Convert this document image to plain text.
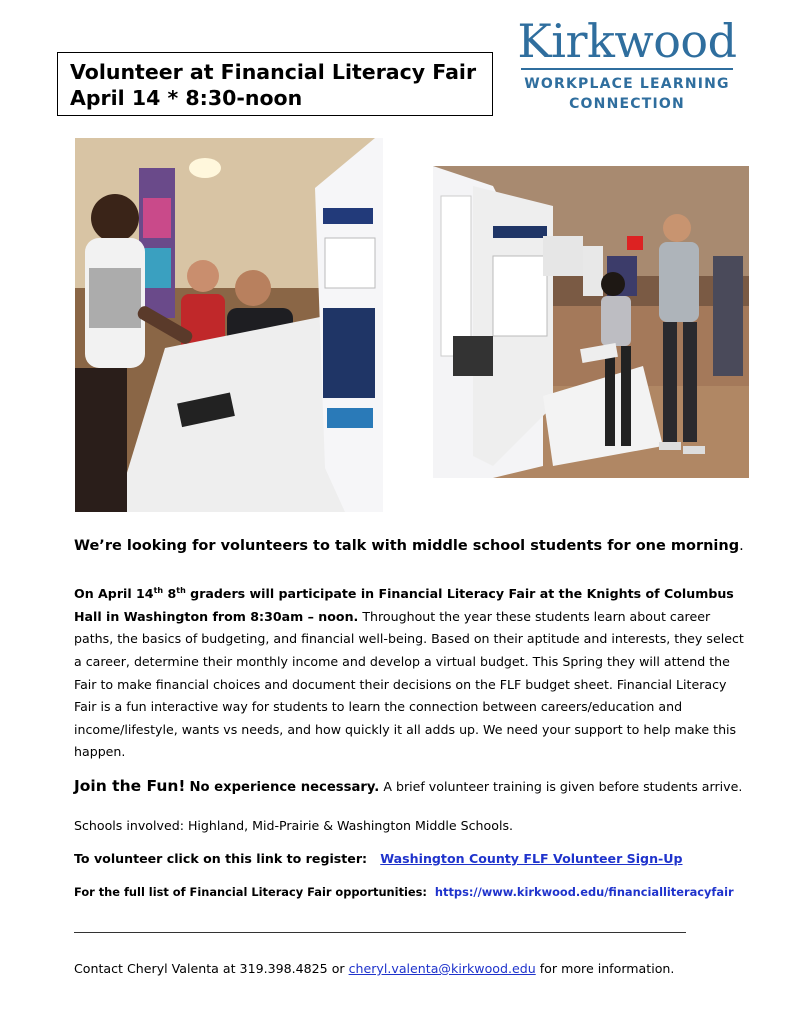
Volunteer at Financial Literacy Fair
April 14 * 8:30-noon
Kirkwood
WORKPLACE LEARNING
CONNECTION
We’re looking for volunteers to talk with middle school students for one morning.
On April 14th 8th graders will participate in Financial Literacy Fair at the Knights of Columbus Hall in Washington from 8:30am – noon. Throughout the year these students learn about career paths, the basics of budgeting, and financial well-being. Based on their aptitude and interests, they select a career, determine their monthly income and develop a virtual budget. This Spring they will attend the Fair to make financial choices and document their decisions on the FLF budget sheet. Financial Literacy Fair is a fun interactive way for students to learn the connection between careers/education and income/lifestyle, wants vs needs, and how quickly it all adds up. We need your support to help make this happen.
Join the Fun! No experience necessary. A brief volunteer training is given before students arrive.
Schools involved: Highland, Mid-Prairie & Washington Middle Schools.
To volunteer click on this link to register: Washington County FLF Volunteer Sign-Up
For the full list of Financial Literacy Fair opportunities: https://www.kirkwood.edu/financialliteracyfair
Contact Cheryl Valenta at 319.398.4825 or cheryl.valenta@kirkwood.edu for more information.
